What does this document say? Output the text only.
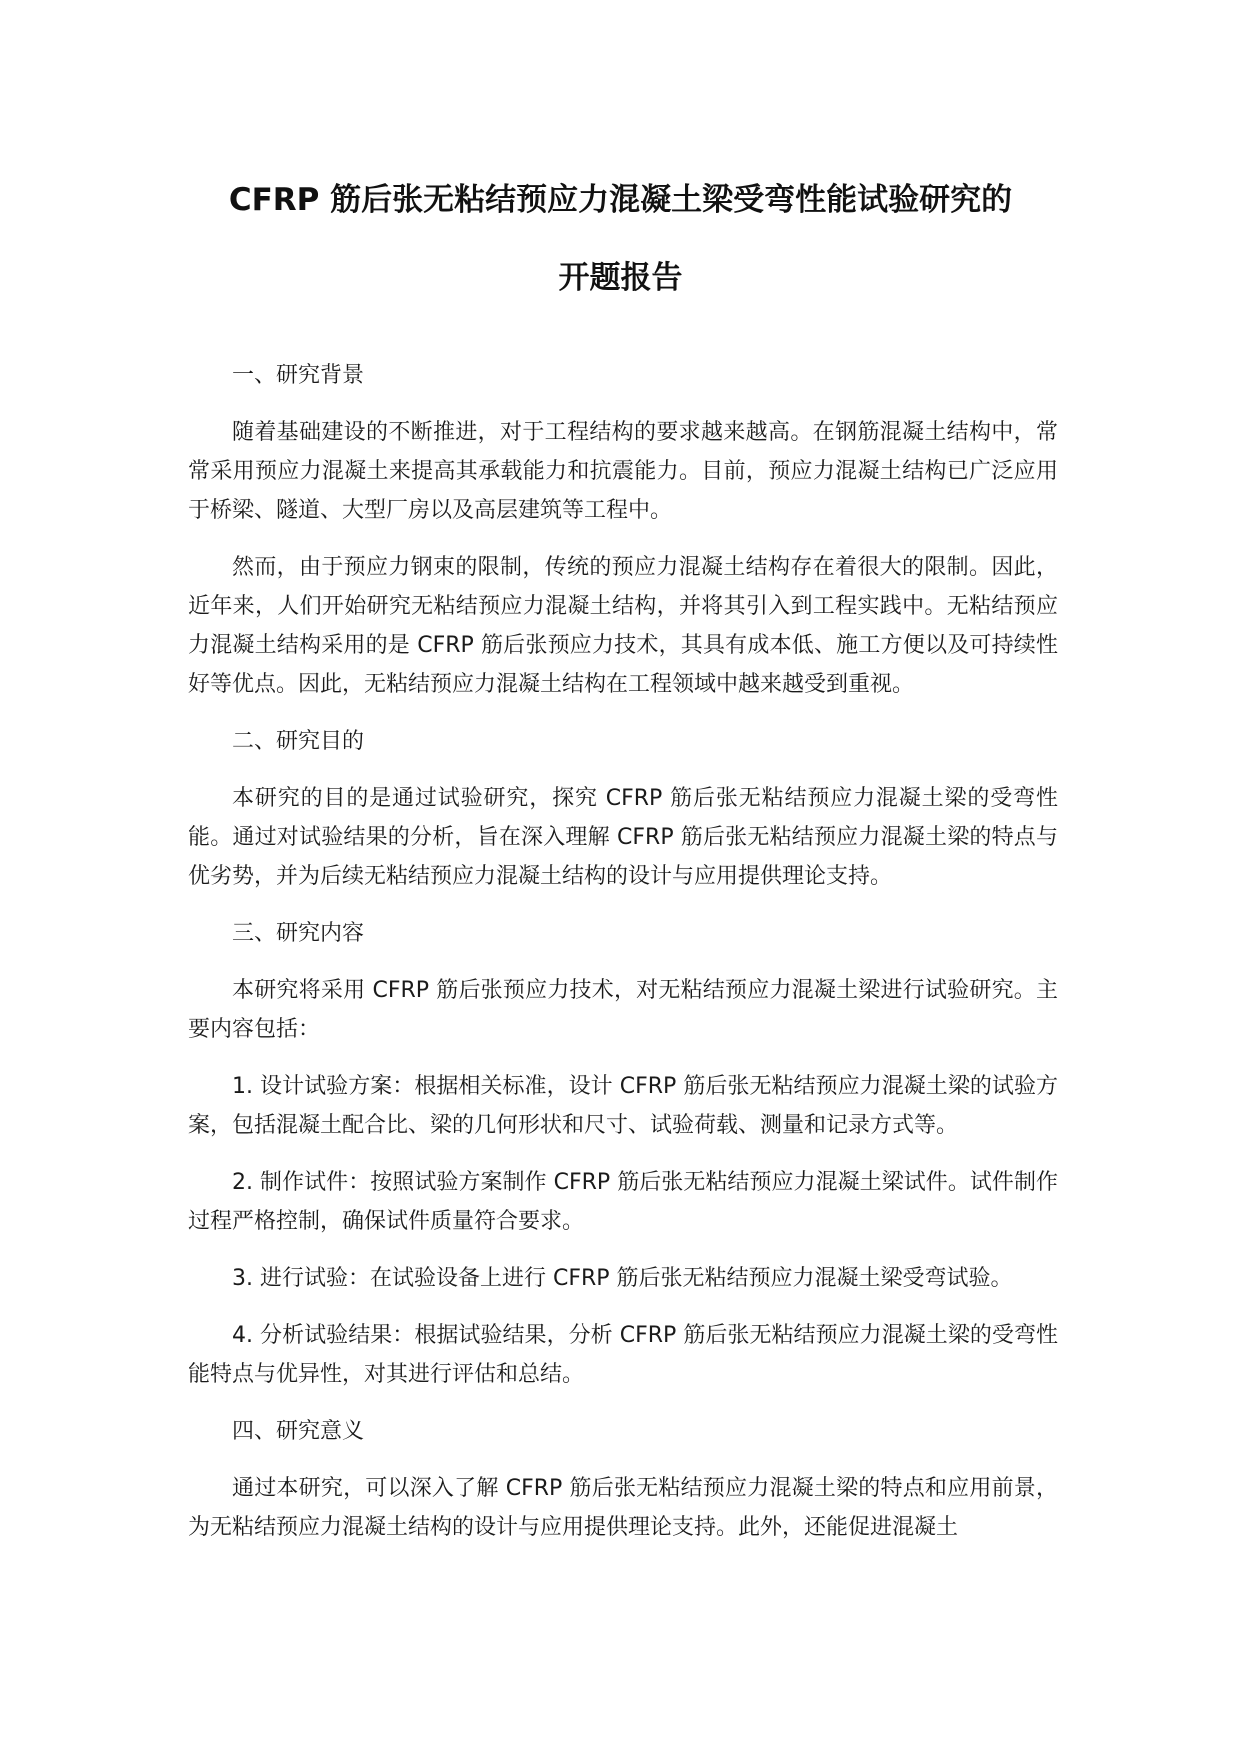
CFRP 筋后张无粘结预应力混凝土梁受弯性能试验研究的
开题报告

一、研究背景

随着基础建设的不断推进，对于工程结构的要求越来越高。在钢筋混凝土结构中，常常采用预应力混凝土来提高其承载能力和抗震能力。目前，预应力混凝土结构已广泛应用于桥梁、隧道、大型厂房以及高层建筑等工程中。

然而，由于预应力钢束的限制，传统的预应力混凝土结构存在着很大的限制。因此，近年来，人们开始研究无粘结预应力混凝土结构，并将其引入到工程实践中。无粘结预应力混凝土结构采用的是 CFRP 筋后张预应力技术，其具有成本低、施工方便以及可持续性好等优点。因此，无粘结预应力混凝土结构在工程领域中越来越受到重视。

二、研究目的

本研究的目的是通过试验研究，探究 CFRP 筋后张无粘结预应力混凝土梁的受弯性能。通过对试验结果的分析，旨在深入理解 CFRP 筋后张无粘结预应力混凝土梁的特点与优劣势，并为后续无粘结预应力混凝土结构的设计与应用提供理论支持。

三、研究内容

本研究将采用 CFRP 筋后张预应力技术，对无粘结预应力混凝土梁进行试验研究。主要内容包括：

1. 设计试验方案：根据相关标准，设计 CFRP 筋后张无粘结预应力混凝土梁的试验方案，包括混凝土配合比、梁的几何形状和尺寸、试验荷载、测量和记录方式等。

2. 制作试件：按照试验方案制作 CFRP 筋后张无粘结预应力混凝土梁试件。试件制作过程严格控制，确保试件质量符合要求。

3. 进行试验：在试验设备上进行 CFRP 筋后张无粘结预应力混凝土梁受弯试验。

4. 分析试验结果：根据试验结果，分析 CFRP 筋后张无粘结预应力混凝土梁的受弯性能特点与优异性，对其进行评估和总结。

四、研究意义

通过本研究，可以深入了解 CFRP 筋后张无粘结预应力混凝土梁的特点和应用前景，为无粘结预应力混凝土结构的设计与应用提供理论支持。此外，还能促进混凝土
